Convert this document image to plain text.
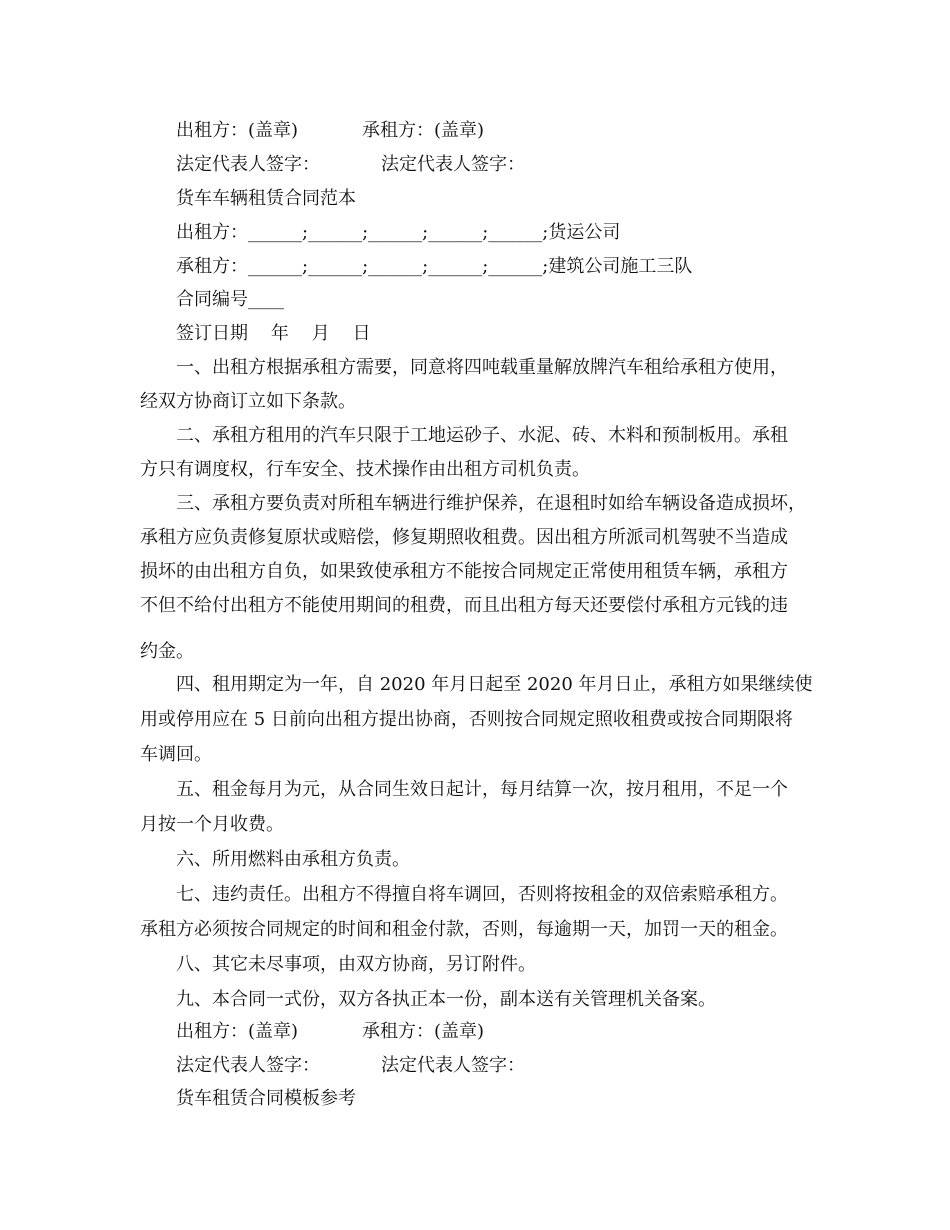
出租方：(盖章)	承租方：(盖章)

法定代表人签字：	法定代表人签字：

货车车辆租赁合同范本

出租方：______;______;______;______;______;货运公司

承租方：______;______;______;______;______;建筑公司施工三队

合同编号____

签订日期    年    月    日

一、出租方根据承租方需要，同意将四吨载重量解放牌汽车租给承租方使用，

经双方协商订立如下条款。

二、承租方租用的汽车只限于工地运砂子、水泥、砖、木料和预制板用。承租

方只有调度权，行车安全、技术操作由出租方司机负责。

三、承租方要负责对所租车辆进行维护保养，在退租时如给车辆设备造成损坏，

承租方应负责修复原状或赔偿，修复期照收租费。因出租方所派司机驾驶不当造成

损坏的由出租方自负，如果致使承租方不能按合同规定正常使用租赁车辆，承租方

不但不给付出租方不能使用期间的租费，而且出租方每天还要偿付承租方元钱的违

约金。

四、租用期定为一年，自 2020 年月日起至 2020 年月日止，承租方如果继续使

用或停用应在 5 日前向出租方提出协商，否则按合同规定照收租费或按合同期限将

车调回。

五、租金每月为元，从合同生效日起计，每月结算一次，按月租用，不足一个

月按一个月收费。

六、所用燃料由承租方负责。

七、违约责任。出租方不得擅自将车调回，否则将按租金的双倍索赔承租方。

承租方必须按合同规定的时间和租金付款，否则，每逾期一天，加罚一天的租金。

八、其它未尽事项，由双方协商，另订附件。

九、本合同一式份，双方各执正本一份，副本送有关管理机关备案。

出租方：(盖章)	承租方：(盖章)

法定代表人签字：	法定代表人签字：

货车租赁合同模板参考
